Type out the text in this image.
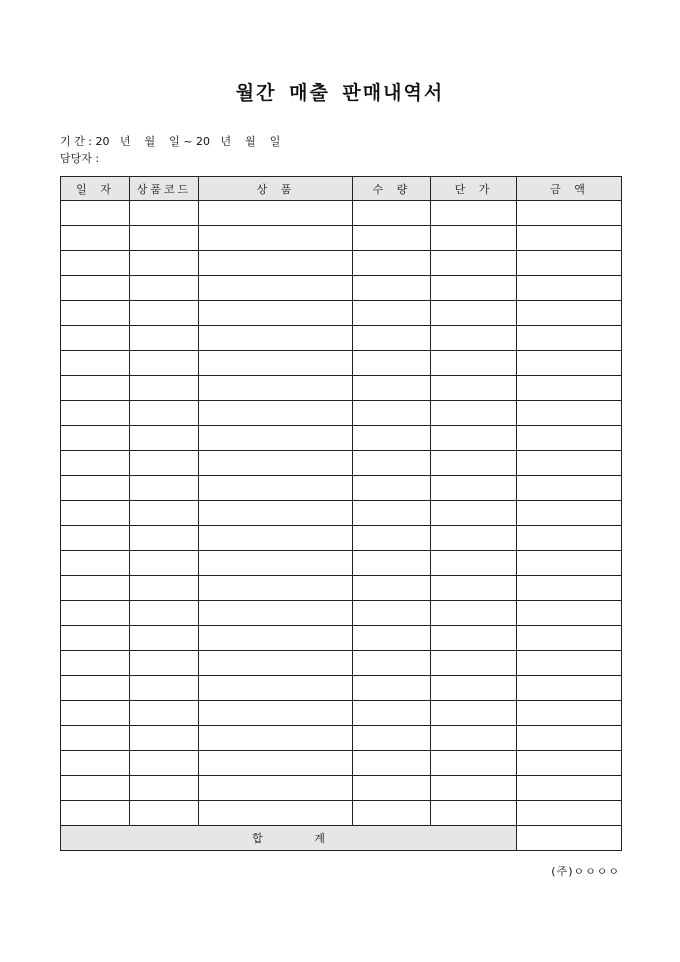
월간 매출 판매내역서
기 간 : 20   년    월    일 ~ 20   년    월    일
담당자 :
일 자	상품코드	상 품	수 량	단 가	금 액

합 계					
(주)ㅇㅇㅇㅇ
